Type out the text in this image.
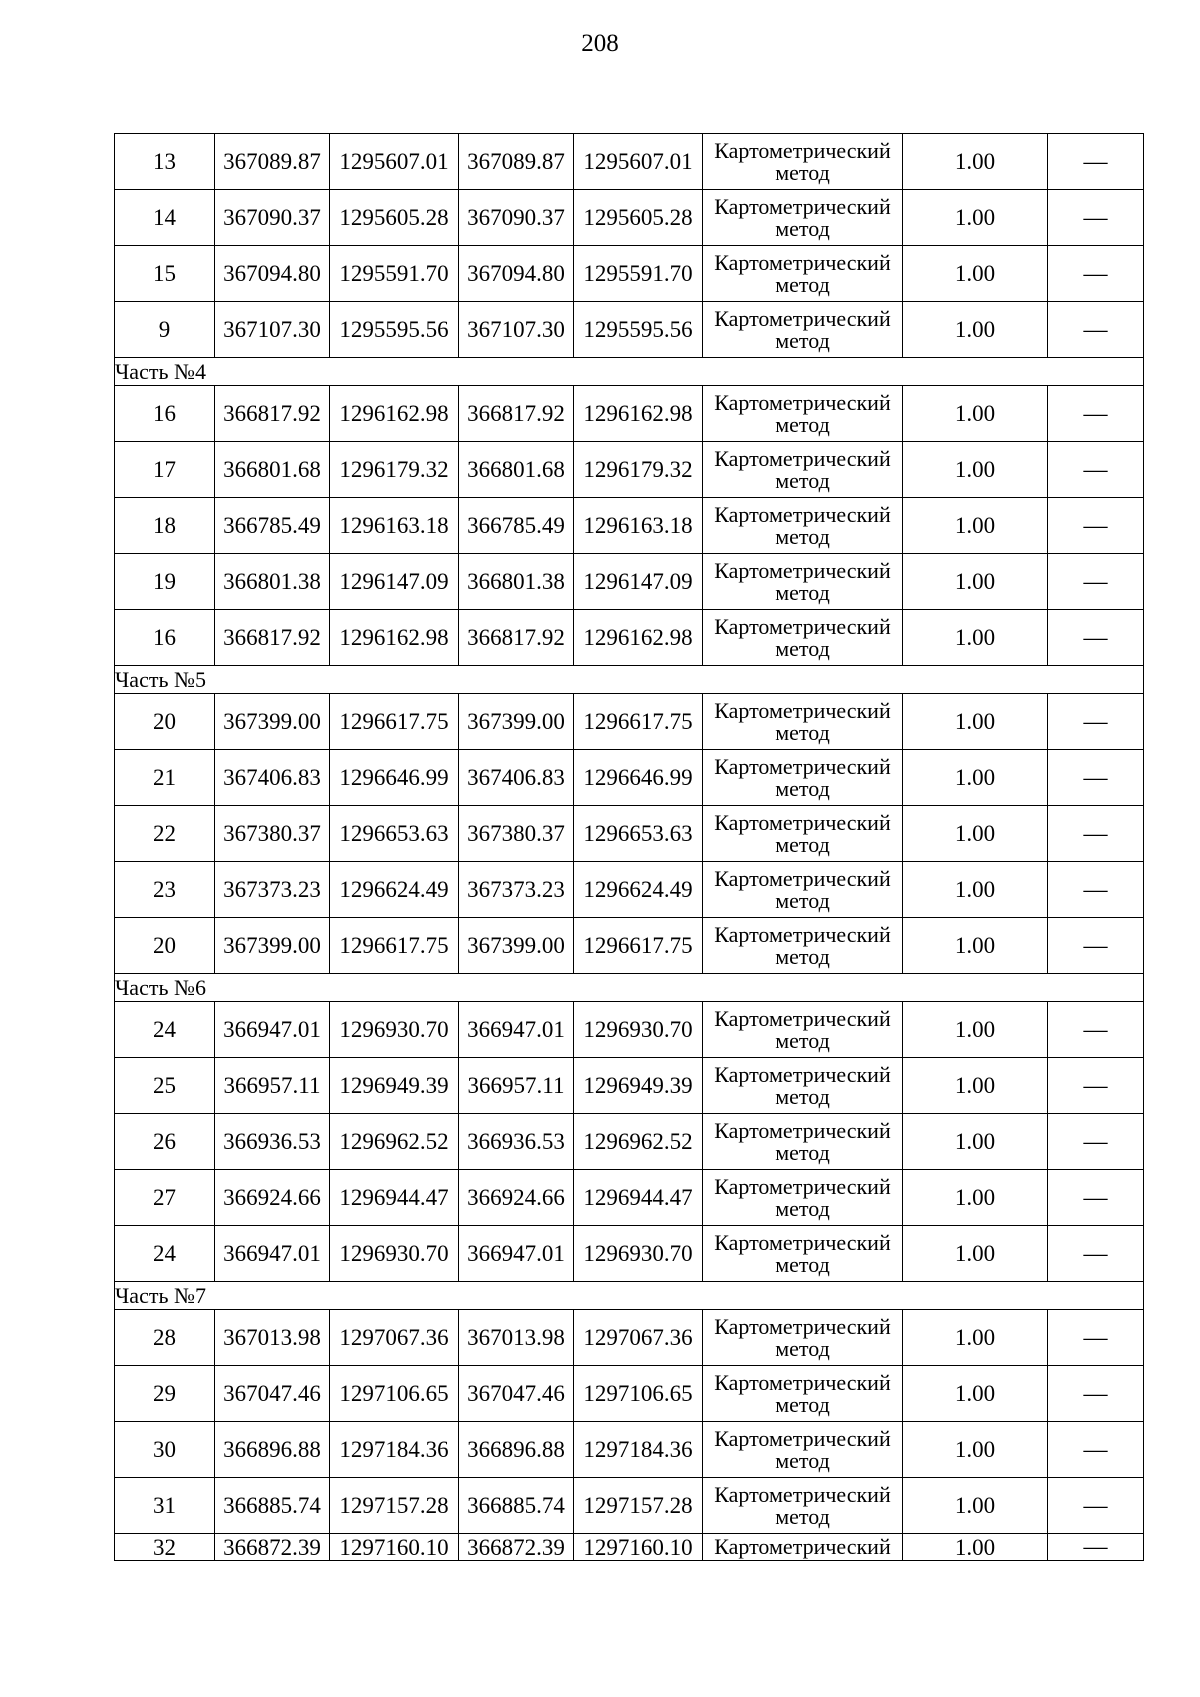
208
13	367089.87	1295607.01	367089.87	1295607.01	Картометрический метод	1.00	—
14	367090.37	1295605.28	367090.37	1295605.28	Картометрический метод	1.00	—
15	367094.80	1295591.70	367094.80	1295591.70	Картометрический метод	1.00	—
9	367107.30	1295595.56	367107.30	1295595.56	Картометрический метод	1.00	—
Часть №4							
16	366817.92	1296162.98	366817.92	1296162.98	Картометрический метод	1.00	—
17	366801.68	1296179.32	366801.68	1296179.32	Картометрический метод	1.00	—
18	366785.49	1296163.18	366785.49	1296163.18	Картометрический метод	1.00	—
19	366801.38	1296147.09	366801.38	1296147.09	Картометрический метод	1.00	—
16	366817.92	1296162.98	366817.92	1296162.98	Картометрический метод	1.00	—
Часть №5							
20	367399.00	1296617.75	367399.00	1296617.75	Картометрический метод	1.00	—
21	367406.83	1296646.99	367406.83	1296646.99	Картометрический метод	1.00	—
22	367380.37	1296653.63	367380.37	1296653.63	Картометрический метод	1.00	—
23	367373.23	1296624.49	367373.23	1296624.49	Картометрический метод	1.00	—
20	367399.00	1296617.75	367399.00	1296617.75	Картометрический метод	1.00	—
Часть №6							
24	366947.01	1296930.70	366947.01	1296930.70	Картометрический метод	1.00	—
25	366957.11	1296949.39	366957.11	1296949.39	Картометрический метод	1.00	—
26	366936.53	1296962.52	366936.53	1296962.52	Картометрический метод	1.00	—
27	366924.66	1296944.47	366924.66	1296944.47	Картометрический метод	1.00	—
24	366947.01	1296930.70	366947.01	1296930.70	Картометрический метод	1.00	—
Часть №7							
28	367013.98	1297067.36	367013.98	1297067.36	Картометрический метод	1.00	—
29	367047.46	1297106.65	367047.46	1297106.65	Картометрический метод	1.00	—
30	366896.88	1297184.36	366896.88	1297184.36	Картометрический метод	1.00	—
31	366885.74	1297157.28	366885.74	1297157.28	Картометрический метод	1.00	—
32	366872.39	1297160.10	366872.39	1297160.10	Картометрический	1.00	—
